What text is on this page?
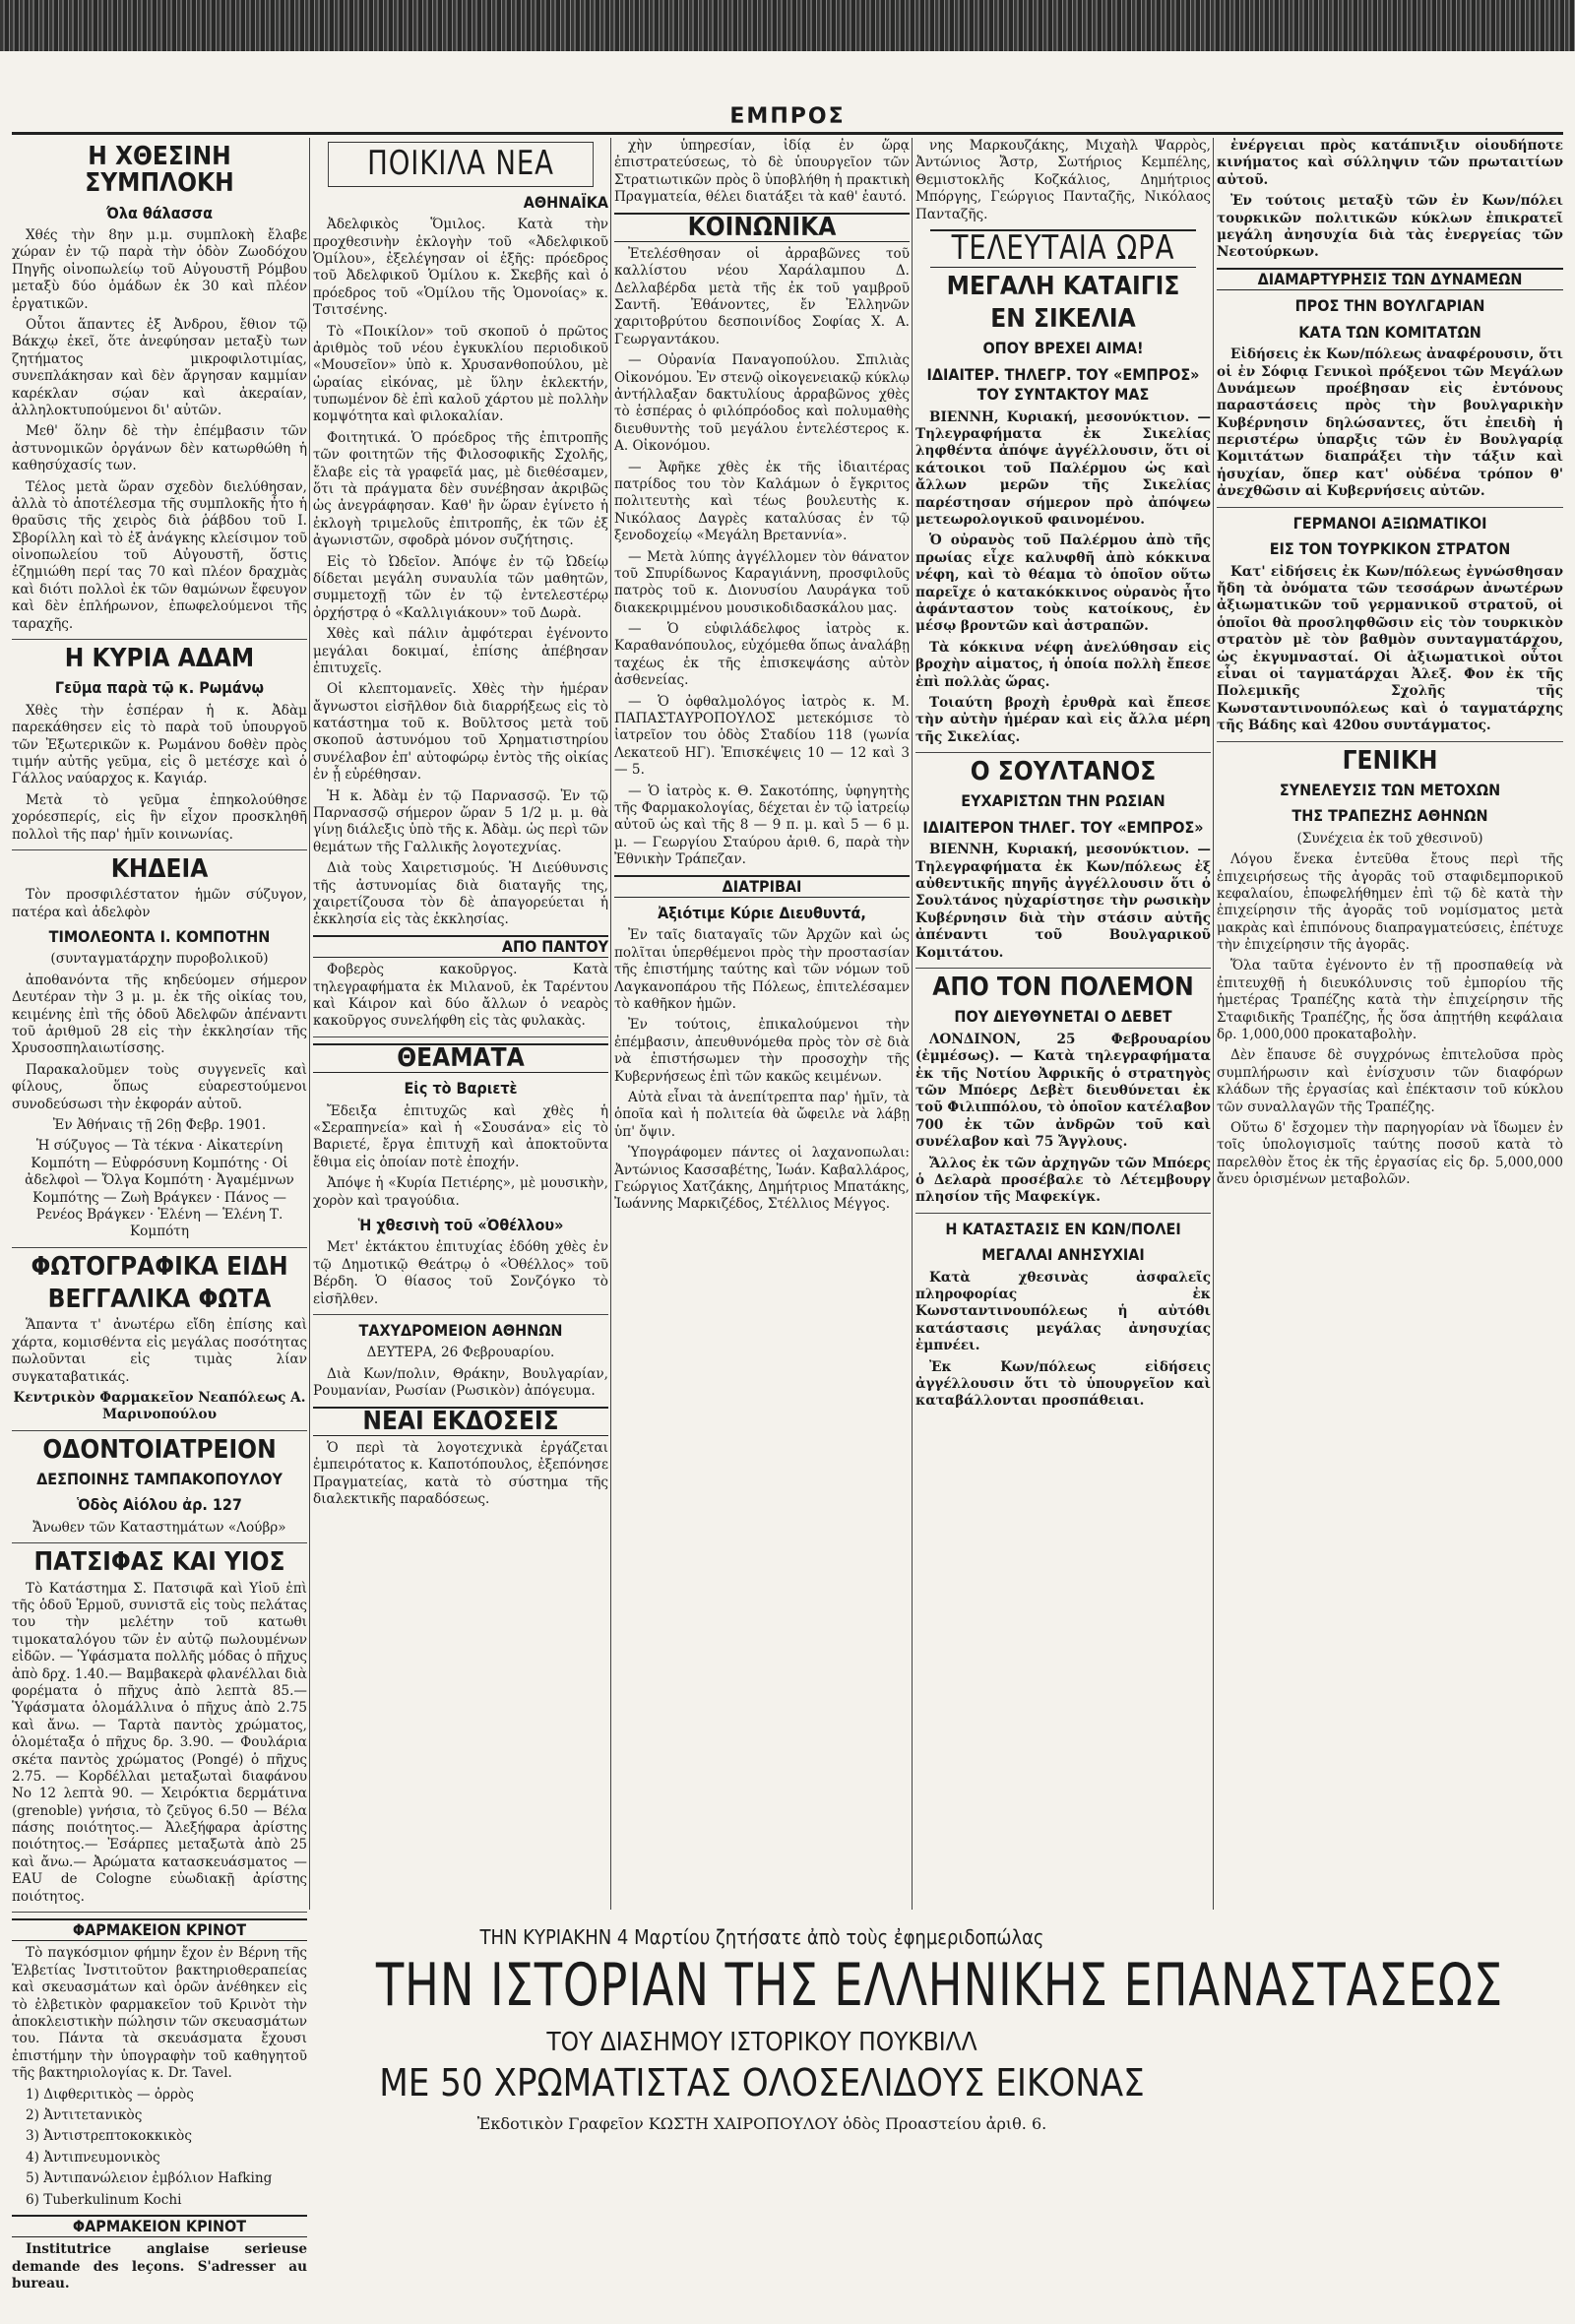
ΕΜΠΡΟΣ
Η ΧΘΕΣΙΝΗ ΣΥΜΠΛΟΚΗ
Όλα θάλασσα

Χθές τὴν 8ην μ.μ. συμπλοκὴ ἔλαβε χώραν ἐν τῷ παρὰ τὴν ὁδὸν Ζωοδόχου Πηγῆς οἰνοπωλείῳ τοῦ Αὐγουστῆ Ρόμβου μεταξὺ δύο ὁμάδων ἐκ 30 καὶ πλέον ἐργατικῶν.

Οὗτοι ἅπαντες ἐξ Ἀνδρου, ἔθιον τῷ Βάκχῳ ἐκεῖ, ὅτε ἀνεφύησαν μεταξὺ των ζητήματος μικροφιλοτιμίας, συνεπλάκησαν καὶ δὲν ἄργησαν καμμίαν καρέκλαν σῴαν καὶ ἀκεραίαν, ἀλληλοκτυπούμενοι δι' αὐτῶν.

Μεθ' ὅλην δὲ τὴν ἐπέμβασιν τῶν ἀστυνομικῶν ὀργάνων δὲν κατωρθώθη ἡ καθησύχασίς των.

Τέλος μετὰ ὥραν σχεδὸν διελύθησαν, ἀλλὰ τὸ ἀποτέλεσμα τῆς συμπλοκῆς ἦτο ἡ θραῦσις τῆς χειρὸς διὰ ῥάβδου τοῦ Ι. Σβορίλλη καὶ τὸ ἐξ ἀνάγκης κλείσιμον τοῦ οἰνοπωλείου τοῦ Αὐγουστῆ, ὅστις ἐζημιώθη περί τας 70 καὶ πλέον δραχμὰς καὶ διότι πολλοὶ ἐκ τῶν θαμώνων ἔφευγον καὶ δὲν ἐπλήρωνον, ἐπωφελούμενοι τῆς ταραχῆς.

Η ΚΥΡΙΑ ΑΔΑΜ
Γεῦμα παρὰ τῷ κ. Ρωμάνῳ

Χθὲς τὴν ἑσπέραν ἡ κ. Ἀδὰμ παρεκάθησεν εἰς τὸ παρὰ τοῦ ὑπουργοῦ τῶν Ἐξωτερικῶν κ. Ρωμάνου δοθὲν πρὸς τιμήν αὐτῆς γεῦμα, εἰς ὃ μετέσχε καὶ ὁ Γάλλος ναύαρχος κ. Καγιάρ.

Μετὰ τὸ γεῦμα ἐπηκολούθησε χορόεσπερίς, εἰς ἣν εἶχον προσκληθῆ πολλοὶ τῆς παρ' ἡμῖν κοινωνίας.

ΚΗΔΕΙΑ

Τὸν προσφιλέστατον ἡμῶν σύζυγον, πατέρα καὶ ἀδελφὸν

ΤΙΜΟΛΕΟΝΤΑ Ι. ΚΟΜΠΟΤΗΝ

(συνταγματάρχην πυροβολικοῦ)

ἀποθανόντα τῆς κηδεύομεν σήμερον Δευτέραν τὴν 3 μ. μ. ἐκ τῆς οἰκίας του, κειμένης ἐπὶ τῆς ὁδοῦ Ἀδελφῶν ἀπέναντι τοῦ ἀριθμοῦ 28 εἰς τὴν ἐκκλησίαν τῆς Χρυσοσπηλαιωτίσσης.

Παρακαλοῦμεν τοὺς συγγενεῖς καὶ φίλους, ὅπως εὐαρεστούμενοι συνοδεύσωσι τὴν ἐκφοράν αὐτοῦ.

Ἐν Ἀθήναις τῇ 26ῃ Φεβρ. 1901.

Ἡ σύζυγος — Τὰ τέκνα · Αἰκατερίνη Κομπότη — Εὐφρόσυνη Κομπότης · Οἱ ἀδελφοὶ — Ὄλγα Κομπότη · Ἀγαμέμνων Κομπότης — Ζωὴ Βράγκεν · Πάνος — Ρενέος Βράγκεν · Ἑλένη — Ἑλένη Τ. Κομπότη

ΦΩΤΟΓΡΑΦΙΚΑ ΕΙΔΗ
ΒΕΓΓΑΛΙΚΑ ΦΩΤΑ

Ἅπαντα τ' ἀνωτέρω εἴδη ἐπίσης καὶ χάρτα, κομισθέντα εἰς μεγάλας ποσότητας πωλοῦνται εἰς τιμὰς λίαν συγκαταβατικάς.

Κεντρικὸν Φαρμακεῖον Νεαπόλεως Α. Μαρινοπούλου

ΟΔΟΝΤΟΙΑΤΡΕΙΟΝ
ΔΕΣΠΟΙΝΗΣ ΤΑΜΠΑΚΟΠΟΥΛΟΥ
Ὁδὸς Αἰόλου ἀρ. 127

Ἄνωθεν τῶν Καταστημάτων «Λούβρ»

ΠΑΤΣΙΦΑΣ ΚΑΙ ΥΙΟΣ

Τὸ Κατάστημα Σ. Πατσιφᾶ καὶ Υἱοῦ ἐπὶ τῆς ὁδοῦ Ἑρμοῦ, συνιστᾶ εἰς τοὺς πελάτας του τὴν μελέτην τοῦ κατωθι τιμοκαταλόγου τῶν ἐν αὐτῷ πωλουμένων εἰδῶν. — Ὑφάσματα πολλῆς μόδας ὁ πῆχυς ἀπὸ δρχ. 1.40.— Βαμβακερὰ φλανέλλαι διὰ φορέματα ὁ πῆχυς ἀπὸ λεπτὰ 85.— Ὑφάσματα ὁλομάλλινα ὁ πῆχυς ἀπὸ 2.75 καὶ ἄνω. — Ταρτὰ παντὸς χρώματος, ὁλομέταξα ὁ πῆχυς δρ. 3.90. — Φουλάρια σκέτα παντὸς χρώματος (Pongé) ὁ πῆχυς 2.75. — Κορδέλλαι μεταξωταὶ διαφάνου Νο 12 λεπτὰ 90. — Χειρόκτια δερμάτινα (grenoble) γνήσια, τὸ ζεῦγος 6.50 — Βέλα πάσης ποιότητος.— Ἀλεξήφαρα ἀρίστης ποιότητος.— Ἐσάρπες μεταξωτὰ ἀπὸ 25 καὶ ἄνω.— Ἀρώματα κατασκευάσματος — EAU de Cologne εὐωδιακῇ ἀρίστης ποιότητος.

ΦΑΡΜΑΚΕΙΟΝ ΚΡΙΝΟΤ

Τὸ παγκόσμιον φήμην ἔχον ἐν Βέρνη τῆς Ἑλβετίας Ἰνστιτοῦτον βακτηριοθεραπείας καὶ σκευασμάτων καὶ ὀρῶν ἀνέθηκεν εἰς τὸ ἐλβετικὸν φαρμακεῖον τοῦ Κρινὸτ τὴν ἀποκλειστικὴν πώλησιν τῶν σκευασμάτων του. Πάντα τὰ σκευάσματα ἔχουσι ἐπιστήμην τὴν ὑπογραφὴν τοῦ καθηγητοῦ τῆς βακτηριολογίας κ. Dr. Tavel.

1) Διφθεριτικὸς — ὀρρὸς

2) Ἀντιτετανικὸς

3) Ἀντιστρεπτοκοκκικὸς

4) Ἀντιπνευμονικὸς

5) Ἀντιπανώλειον ἐμβόλιον Hafking

6) Tuberkulinum Kochi

ΦΑΡΜΑΚΕΙΟΝ ΚΡΙΝΟΤ

Institutrice anglaise serieuse demande des leçons. S'adresser au bureau.

ΠΟΙΚΙΛΑ ΝΕΑ
ΑΘΗΝΑΪΚΑ

Ἀδελφικὸς Ὅμιλος. Κατὰ τὴν προχθεσινὴν ἐκλογὴν τοῦ «Ἀδελφικοῦ Ὁμίλου», ἐξελέγησαν οἱ ἑξῆς: πρόεδρος τοῦ Ἀδελφικοῦ Ὁμίλου κ. Σκεβῆς καὶ ὁ πρόεδρος τοῦ «Ὁμίλου τῆς Ὁμονοίας» κ. Τσιτσένης.

Τὸ «Ποικίλον» τοῦ σκοποῦ ὁ πρῶτος ἀριθμὸς τοῦ νέου ἐγκυκλίου περιοδικοῦ «Μουσεῖον» ὑπὸ κ. Χρυσανθοπούλου, μὲ ὡραίας εἰκόνας, μὲ ὕλην ἐκλεκτήν, τυπωμένον δὲ ἐπὶ καλοῦ χάρτου μὲ πολλὴν κομψότητα καὶ φιλοκαλίαν.

Φοιτητικά. Ὁ πρόεδρος τῆς ἐπιτροπῆς τῶν φοιτητῶν τῆς Φιλοσοφικῆς Σχολῆς, ἔλαβε εἰς τὰ γραφεῖά μας, μὲ διεθέσαμεν, ὅτι τὰ πράγματα δὲν συνέβησαν ἀκριβῶς ὡς ἀνεγράφησαν. Καθ' ἣν ὥραν ἐγίνετο ἡ ἐκλογὴ τριμελοῦς ἐπιτροπῆς, ἐκ τῶν ἐξ ἀγωνιστῶν, σφοδρὰ μόνον συζήτησις.

Εἰς τὸ Ὠδεῖον. Ἀπόψε ἐν τῷ Ὠδείῳ δίδεται μεγάλη συναυλία τῶν μαθητῶν, συμμετοχῇ τῶν ἐν τῷ ἐντελεστέρῳ ὀρχήστρᾳ ὁ «Καλλιγιάκουν» τοῦ Δωρὰ.

Χθὲς καὶ πάλιν ἀμφότεραι ἐγένοντο μεγάλαι δοκιμαί, ἐπίσης ἀπέβησαν ἐπιτυχεῖς.

Οἱ κλεπτομανεῖς. Χθὲς τὴν ἡμέραν ἄγνωστοι εἰσῆλθον διὰ διαρρήξεως εἰς τὸ κατάστημα τοῦ κ. Βοῦλτσος μετὰ τοῦ σκοποῦ ἀστυνόμου τοῦ Χρηματιστηρίου συνέλαβον ἐπ' αὐτοφώρῳ ἐντὸς τῆς οἰκίας ἐν ᾗ εὑρέθησαν.

Ἡ κ. Ἀδὰμ ἐν τῷ Παρνασσῷ. Ἐν τῷ Παρνασσῷ σήμερον ὥραν 5 1/2 μ. μ. θὰ γίνῃ διάλεξις ὑπὸ τῆς κ. Ἀδὰμ. ὡς περὶ τῶν θεμάτων τῆς Γαλλικῆς λογοτεχνίας.

Διὰ τοὺς Χαιρετισμούς. Ἡ Διεύθυνσις τῆς ἀστυνομίας διὰ διαταγῆς της, χαιρετίζουσα τὸν δὲ ἀπαγορεύεται ἡ ἐκκλησία εἰς τὰς ἐκκλησίας.

ΑΠΟ ΠΑΝΤΟΥ

Φοβερὸς κακοῦργος. Κατὰ τηλεγραφήματα ἐκ Μιλανοῦ, ἐκ Ταρέντου καὶ Κάιρον καὶ δύο ἄλλων ὁ νεαρὸς κακοῦργος συνελήφθη εἰς τὰς φυλακὰς.

ΘΕΑΜΑΤΑ
Εἰς τὸ Βαριετὲ

Ἔδειξα ἐπιτυχῶς καὶ χθὲς ἡ «Σεραπηνεία» καὶ ἡ «Σουσάνα» εἰς τὸ Βαριετέ, ἔργα ἐπιτυχῆ καὶ ἀποκτοῦντα ἔθιμα εἰς ὁποίαν ποτὲ ἐποχήν.

Ἀπόψε ἡ «Κυρία Πετιέρης», μὲ μουσικὴν, χορὸν καὶ τραγούδια.

Ἡ χθεσινὴ τοῦ «Ὀθέλλου»

Μετ' ἐκτάκτου ἐπιτυχίας ἐδόθη χθὲς ἐν τῷ Δημοτικῷ Θεάτρῳ ὁ «Ὀθέλλος» τοῦ Βέρδη. Ὁ θίασος τοῦ Σονζόγκο τὸ εἰσῆλθεν.

ΤΑΧΥΔΡΟΜΕΙΟΝ ΑΘΗΝΩΝ

ΔΕΥΤΕΡΑ, 26 Φεβρουαρίου.

Διὰ Κων/πολιν, Θράκην, Βουλγαρίαν, Ρουμανίαν, Ρωσίαν (Ρωσικὸν) ἀπόγευμα.

ΝΕΑΙ ΕΚΔΟΣΕΙΣ

Ὁ περὶ τὰ λογοτεχνικὰ ἐργάζεται ἐμπειρότατος κ. Καποτόπουλος, ἐξεπόνησε Πραγματείας, κατὰ τὸ σύστημα τῆς διαλεκτικῆς παραδόσεως.

χὴν ὑπηρεσίαν, ἰδίᾳ ἐν ὥρᾳ ἐπιστρατεύσεως, τὸ δὲ ὑπουργεῖον τῶν Στρατιωτικῶν πρὸς ὃ ὑποβλήθη ἡ πρακτικὴ Πραγματεία, θέλει διατάξει τὰ καθ' ἑαυτό.

ΚΟΙΝΩΝΙΚΑ

Ἐτελέσθησαν οἱ ἀρραβῶνες τοῦ καλλίστου νέου Χαράλαμπου Δ. Δελλαβέρδα μετὰ τῆς ἐκ τοῦ γαμβροῦ Σαντῆ. Ἐθάνοντες, ἔν Ἐλληνῶν χαριτοβρύτου δεσποινίδος Σοφίας Χ. Α. Γεωργαντάκου.

— Οὐρανία Παναγοπούλου. Σπιλιὰς Οἰκονόμου. Ἐν στενῷ οἰκογενειακῷ κύκλῳ ἀντήλλαξαν δακτυλίους ἀρραβῶνος χθὲς τὸ ἑσπέρας ὁ φιλόπρόοδος καὶ πολυμαθὴς διευθυντὴς τοῦ μεγάλου ἐντελέστερος κ. Α. Οἰκονόμου.

— Ἀφῆκε χθὲς ἐκ τῆς ἰδιαιτέρας πατρίδος του τὸν Καλάμων ὁ ἔγκριτος πολιτευτὴς καὶ τέως βουλευτὴς κ. Νικόλαος Δαγρὲς καταλύσας ἐν τῷ ξενοδοχείῳ «Μεγάλη Βρεταννία».

— Μετὰ λύπης ἀγγέλλομεν τὸν θάνατον τοῦ Σπυρίδωνος Καραγιάννη, προσφιλοῦς πατρὸς τοῦ κ. Διονυσίου Λαυράγκα τοῦ διακεκριμμένου μουσικοδιδασκάλου μας.

— Ὁ εὐφιλάδελφος ἰατρὸς κ. Καραθανόπουλος, εὐχόμεθα ὅπως ἀναλάβῃ ταχέως ἐκ τῆς ἐπισκεψάσης αὐτὸν ἀσθενείας.

— Ὁ ὀφθαλμολόγος ἰατρὸς κ. Μ. ΠΑΠΑΣΤΑΥΡΟΠΟΥΛΟΣ μετεκόμισε τὸ ἰατρεῖον του ὁδὸς Σταδίου 118 (γωνία Λεκατεοῦ ΗΓ). Ἐπισκέψεις 10 — 12 καὶ 3 — 5.

— Ὁ ἰατρὸς κ. Θ. Σακοτόπης, ὑφηγητὴς τῆς Φαρμακολογίας, δέχεται ἐν τῷ ἰατρείῳ αὐτοῦ ὡς καὶ τῆς 8 — 9 π. μ. καὶ 5 — 6 μ. μ. — Γεωργίου Σταύρου ἀριθ. 6, παρὰ τὴν Ἐθνικὴν Τράπεζαν.

ΔΙΑΤΡΙΒΑΙ
Ἀξιότιμε Κύριε Διευθυντά,

Ἐν ταῖς διαταγαῖς τῶν Ἀρχῶν καὶ ὡς πολῖται ὑπερθέμενοι πρὸς τὴν προστασίαν τῆς ἐπιστήμης ταύτης καὶ τῶν νόμων τοῦ Λαγκανοπάρου τῆς Πόλεως, ἐπιτελέσαμεν τὸ καθῆκον ἡμῶν.

Ἐν τούτοις, ἐπικαλούμενοι τὴν ἐπέμβασιν, ἀπευθυνόμεθα πρὸς τὸν σὲ διὰ νὰ ἐπιστήσωμεν τὴν προσοχὴν τῆς Κυβερνήσεως ἐπὶ τῶν κακῶς κειμένων.

Αὐτὰ εἶναι τὰ ἀνεπίτρεπτα παρ' ἡμῖν, τὰ ὁποῖα καὶ ἡ πολιτεία θὰ ὤφειλε νὰ λάβῃ ὑπ' ὄψιν.

Ὑπογράφομεν πάντες οἱ λαχανοπωλαι: Ἀντώνιος Κασσαβέτης, Ἰωάν. Καβαλλάρος, Γεώργιος Χατζάκης, Δημήτριος Μπατάκης, Ἰωάννης Μαρκιζέδος, Στέλλιος Μέγγος.

νης Μαρκουζάκης, Μιχαὴλ Ψαρρὸς, Ἀντώνιος Ἄστρ, Σωτήριος Κεμπέλης, Θεμιστοκλῆς Κοζκάλιος, Δημήτριος Μπόργης, Γεώργιος Πανταζῆς, Νικόλαος Πανταζῆς.

ΤΕΛΕΥΤΑΙΑ ΩΡΑ
ΜΕΓΑΛΗ ΚΑΤΑΙΓΙΣ
ΕΝ ΣΙΚΕΛΙΑ
ΟΠΟΥ ΒΡΕΧΕΙ ΑΙΜΑ!
ΙΔΙΑΙΤΕΡ. ΤΗΛΕΓΡ. ΤΟΥ «ΕΜΠΡΟΣ» ΤΟΥ ΣΥΝΤΑΚΤΟΥ ΜΑΣ

ΒΙΕΝΝΗ, Κυριακή, μεσονύκτιον. — Τηλεγραφήματα ἐκ Σικελίας ληφθέντα ἀπόψε ἀγγέλλουσιν, ὅτι οἱ κάτοικοι τοῦ Παλέρμου ὡς καὶ ἄλλων μερῶν τῆς Σικελίας παρέστησαν σήμερον πρὸ ἀπόψεω μετεωρολογικοῦ φαινομένου.

Ὁ οὐρανὸς τοῦ Παλέρμου ἀπὸ τῆς πρωίας εἶχε καλυφθῆ ἀπὸ κόκκινα νέφη, καὶ τὸ θέαμα τὸ ὁποῖον οὕτω παρεῖχε ὁ κατακόκκινος οὐρανὸς ἦτο ἀφάνταστον τοὺς κατοίκους, ἐν μέσῳ βροντῶν καὶ ἀστραπῶν.

Τὰ κόκκινα νέφη ἀνελύθησαν εἰς βροχὴν αἱματος, ἡ ὁποία πολλὴ ἔπεσε ἐπὶ πολλὰς ὥρας.

Τοιαύτη βροχὴ ἐρυθρὰ καὶ ἔπεσε τὴν αὐτὴν ἡμέραν καὶ εἰς ἄλλα μέρη τῆς Σικελίας.

Ο ΣΟΥΛΤΑΝΟΣ
ΕΥΧΑΡΙΣΤΩΝ ΤΗΝ ΡΩΣΙΑΝ
ΙΔΙΑΙΤΕΡΟΝ ΤΗΛΕΓ. ΤΟΥ «ΕΜΠΡΟΣ»

ΒΙΕΝΝΗ, Κυριακή, μεσονύκτιον. — Τηλεγραφήματα ἐκ Κων/πόλεως ἐξ αὐθεντικῆς πηγῆς ἀγγέλλουσιν ὅτι ὁ Σουλτάνος ηὐχαρίστησε τὴν ρωσικὴν Κυβέρνησιν διὰ τὴν στάσιν αὐτῆς ἀπέναντι τοῦ Βουλγαρικοῦ Κομιτάτου.

ΑΠΟ ΤΟΝ ΠΟΛΕΜΟΝ
ΠΟΥ ΔΙΕΥΘΥΝΕΤΑΙ Ο ΔΕΒΕΤ

ΛΟΝΔΙΝΟΝ, 25 Φεβρουαρίου (ἐμμέσως). — Κατὰ τηλεγραφήματα ἐκ τῆς Νοτίου Ἀφρικῆς ὁ στρατηγὸς τῶν Μπόερς Δεβὲτ διευθύνεται ἐκ τοῦ Φιλιππόλου, τὸ ὁποῖον κατέλαβον 700 ἐκ τῶν ἀνδρῶν τοῦ καὶ συνέλαβον καὶ 75 Ἄγγλους.

Ἄλλος ἐκ τῶν ἀρχηγῶν τῶν Μπόερς ὁ Δελαρὰ προσέβαλε τὸ Λέτεμβουργ πλησίον τῆς Μαφεκίγκ.

Η ΚΑΤΑΣΤΑΣΙΣ ΕΝ ΚΩΝ/ΠΟΛΕΙ
ΜΕΓΑΛΑΙ ΑΝΗΣΥΧΙΑΙ

Κατὰ χθεσινὰς ἀσφαλεῖς πληροφορίας ἐκ Κωνσταντινουπόλεως ἡ αὐτόθι κατάστασις μεγάλας ἀνησυχίας ἐμπνέει.

Ἐκ Κων/πόλεως εἰδήσεις ἀγγέλλουσιν ὅτι τὸ ὑπουργεῖον καὶ καταβάλλονται προσπάθειαι.

ἐνέργειαι πρὸς κατάπνιξιν οἱουδήποτε κινήματος καὶ σύλληψιν τῶν πρωταιτίων αὐτοῦ.

Ἐν τούτοις μεταξὺ τῶν ἐν Κων/πόλει τουρκικῶν πολιτικῶν κύκλων ἐπικρατεῖ μεγάλη ἀνησυχία διὰ τὰς ἐνεργείας τῶν Νεοτούρκων.

ΔΙΑΜΑΡΤΥΡΗΣΙΣ ΤΩΝ ΔΥΝΑΜΕΩΝ
ΠΡΟΣ ΤΗΝ ΒΟΥΛΓΑΡΙΑΝ
ΚΑΤΑ ΤΩΝ ΚΟΜΙΤΑΤΩΝ

Εἰδήσεις ἐκ Κων/πόλεως ἀναφέρουσιν, ὅτι οἱ ἐν Σόφιᾳ Γενικοὶ πρόξενοι τῶν Μεγάλων Δυνάμεων προέβησαν εἰς ἐντόνους παραστάσεις πρὸς τὴν βουλγαρικὴν Κυβέρνησιν δηλώσαντες, ὅτι ἐπειδὴ ἡ περιστέρω ὑπαρξις τῶν ἐν Βουλγαρίᾳ Κομιτάτων διαπράξει τὴν τάξιν καὶ ἡσυχίαν, ὅπερ κατ' οὐδένα τρόπον θ' ἀνεχθῶσιν αἱ Κυβερνήσεις αὐτῶν.

ΓΕΡΜΑΝΟΙ ΑΞΙΩΜΑΤΙΚΟΙ
ΕΙΣ ΤΟΝ ΤΟΥΡΚΙΚΟΝ ΣΤΡΑΤΟΝ

Κατ' εἰδήσεις ἐκ Κων/πόλεως ἐγνώσθησαν ἤδη τὰ ὀνόματα τῶν τεσσάρων ἀνωτέρων ἀξιωματικῶν τοῦ γερμανικοῦ στρατοῦ, οἱ ὁποῖοι θὰ προσληφθῶσιν εἰς τὸν τουρκικὸν στρατὸν μὲ τὸν βαθμὸν συνταγματάρχου, ὡς ἐκγυμνασταί. Οἱ ἀξιωματικοὶ οὗτοι εἶναι οἱ ταγματάρχαι Ἀλεξ. Φον ἐκ τῆς Πολεμικῆς Σχολῆς τῆς Κωνσταντινουπόλεως καὶ ὁ ταγματάρχης τῆς Βάδης καὶ 420ου συντάγματος.

ΓΕΝΙΚΗ
ΣΥΝΕΛΕΥΣΙΣ ΤΩΝ ΜΕΤΟΧΩΝ
ΤΗΣ ΤΡΑΠΕΖΗΣ ΑΘΗΝΩΝ

(Συνέχεια ἐκ τοῦ χθεσινοῦ)

Λόγου ἕνεκα ἐντεῦθα ἔτους περὶ τῆς ἐπιχειρήσεως τῆς ἀγορᾶς τοῦ σταφιδεμπορικοῦ κεφαλαίου, ἐπωφελήθημεν ἐπὶ τῷ δὲ κατὰ τὴν ἐπιχείρησιν τῆς ἀγορᾶς τοῦ νομίσματος μετὰ μακρὰς καὶ ἐπιπόνους διαπραγματεύσεις, ἐπέτυχε τὴν ἐπιχείρησιν τῆς ἀγορᾶς.

Ὅλα ταῦτα ἐγένοντο ἐν τῇ προσπαθείᾳ νὰ ἐπιτευχθῇ ἡ διευκόλυνσις τοῦ ἐμπορίου τῆς ἡμετέρας Τραπέζης κατὰ τὴν ἐπιχείρησιν τῆς Σταφιδικῆς Τραπέζης, ἧς ὅσα ἀπῃτήθη κεφάλαια δρ. 1,000,000 προκαταβολὴν.

Δὲν ἔπαυσε δὲ συγχρόνως ἐπιτελοῦσα πρὸς συμπλήρωσιν καὶ ἐνίσχυσιν τῶν διαφόρων κλάδων τῆς ἐργασίας καὶ ἐπέκτασιν τοῦ κύκλου τῶν συναλλαγῶν τῆς Τραπέζης.

Οὕτω δ' ἔσχομεν τὴν παρηγορίαν νὰ ἴδωμεν ἐν τοῖς ὑπολογισμοῖς ταύτης ποσοῦ κατὰ τὸ παρελθὸν ἔτος ἐκ τῆς ἐργασίας εἰς δρ. 5,000,000 ἄνευ ὁρισμένων μεταβολῶν.

ΤΗΝ ΚΥΡΙΑΚΗΝ 4 Μαρτίου ζητήσατε ἀπὸ τοὺς ἐφημεριδοπώλας
ΤΗΝ ΙΣΤΟΡΙΑΝ ΤΗΣ ΕΛΛΗΝΙΚΗΣ ΕΠΑΝΑΣΤΑΣΕΩΣ
ΤΟΥ ΔΙΑΣΗΜΟΥ ΙΣΤΟΡΙΚΟΥ ΠΟΥΚΒΙΛΛ
ΜΕ 50 ΧΡΩΜΑΤΙΣΤΑΣ ΟΛΟΣΕΛΙΔΟΥΣ ΕΙΚΟΝΑΣ
Ἐκδοτικὸν Γραφεῖον ΚΩΣΤΗ ΧΑΙΡΟΠΟΥΛΟΥ ὁδὸς Προαστείου ἀριθ. 6.
